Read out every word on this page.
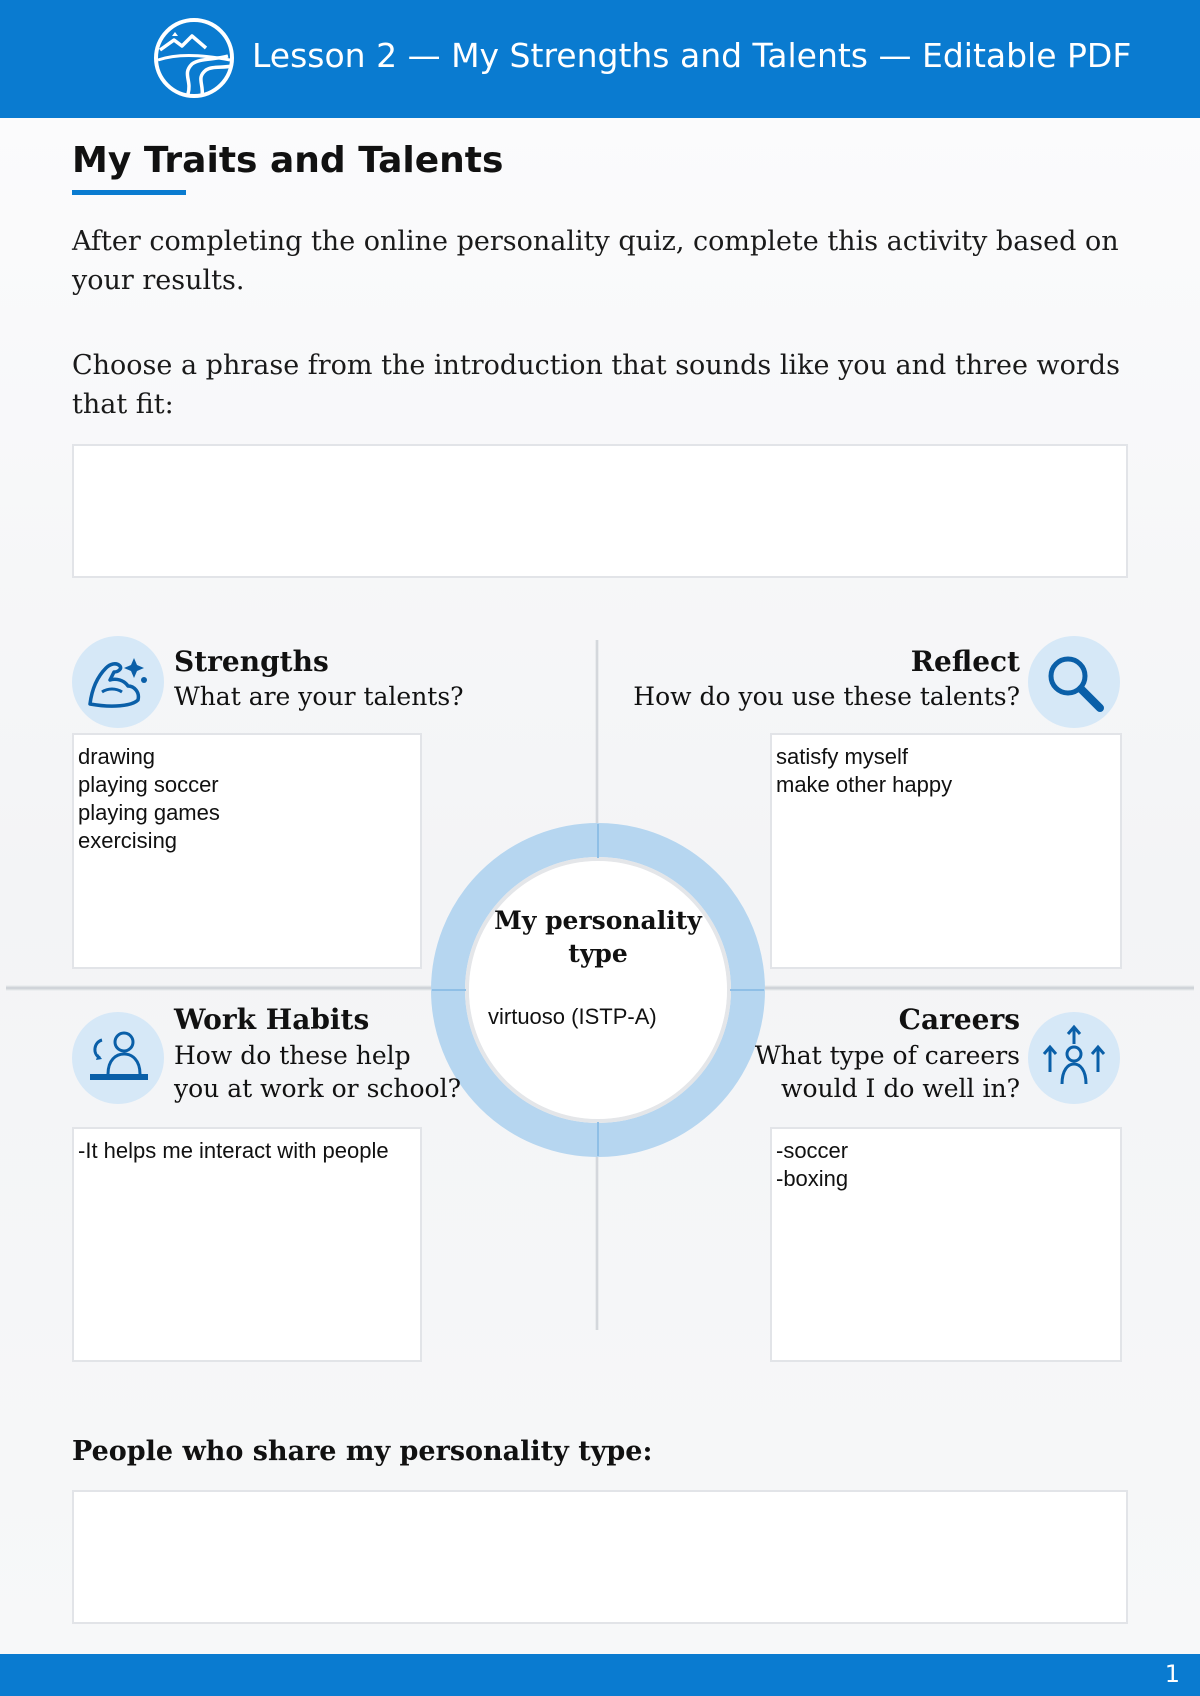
Lesson 2 — My Strengths and Talents — Editable PDF
My Traits and Talents
After completing the online personality quiz, complete this activity based on your results.
Choose a phrase from the introduction that sounds like you and three words that fit:
My personality type
virtuoso (ISTP-A)
Strengths
What are your talents?
drawing
playing soccer
playing games
exercising
Reflect
How do you use these talents?
satisfy myself
make other happy
Work Habits
How do these help
you at work or school?
-It helps me interact with people
Careers
What type of careers
would I do well in?
-soccer
-boxing
People who share my personality type:
1
